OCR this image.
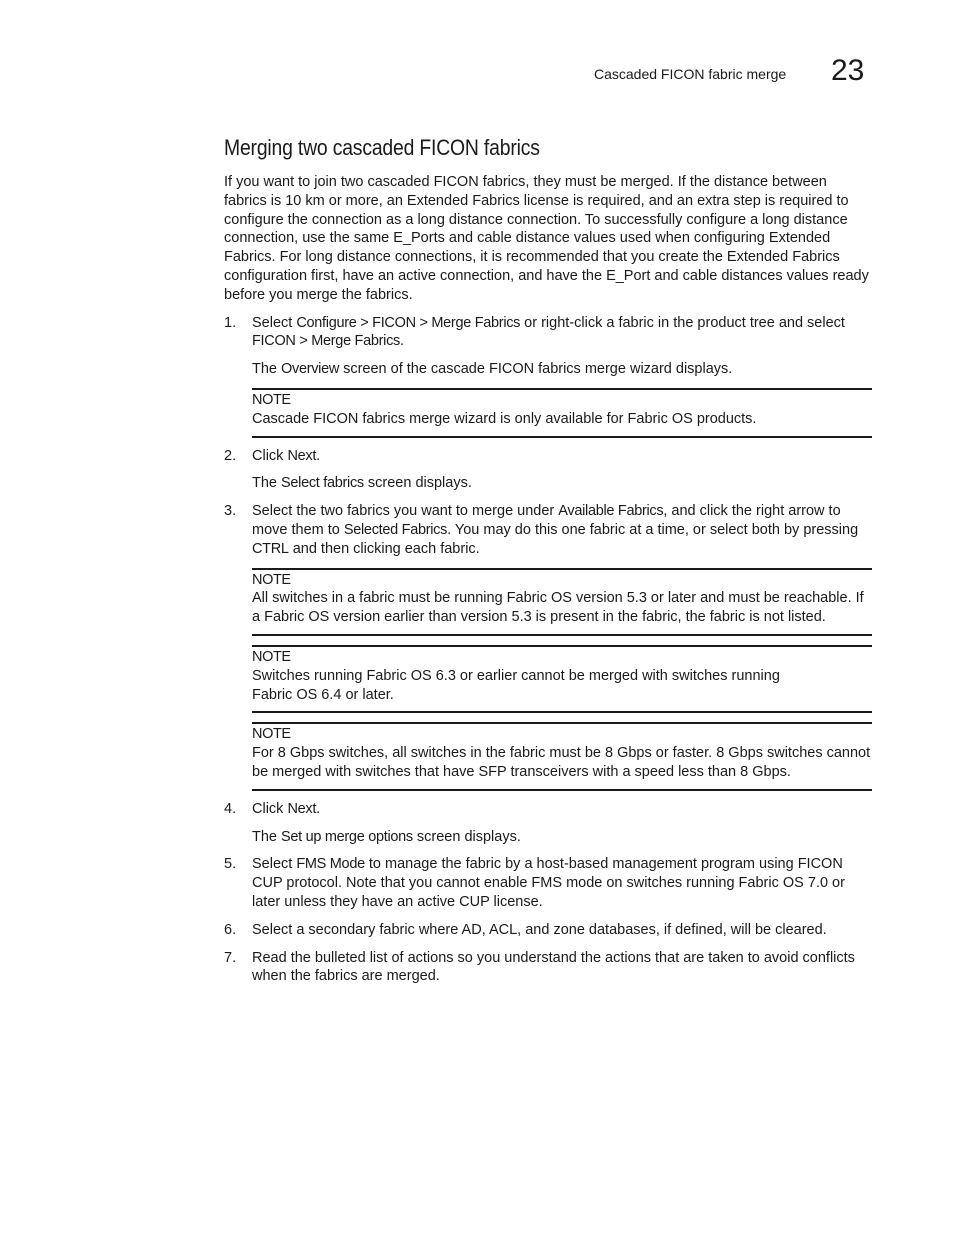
Cascaded FICON fabric merge 23
Merging two cascaded FICON fabrics

If you want to join two cascaded FICON fabrics, they must be merged. If the distance between fabrics is 10 km or more, an Extended Fabrics license is required, and an extra step is required to configure the connection as a long distance connection. To successfully configure a long distance connection, use the same E_Ports and cable distance values used when configuring Extended Fabrics. For long distance connections, it is recommended that you create the Extended Fabrics configuration first, have an active connection, and have the E_Port and cable distances values ready before you merge the fabrics.

1. Select Configure > FICON > Merge Fabrics or right-click a fabric in the product tree and select FICON > Merge Fabrics.

The Overview screen of the cascade FICON fabrics merge wizard displays.

NOTE
Cascade FICON fabrics merge wizard is only available for Fabric OS products.
2. Click Next.

The Select fabrics screen displays.

3. Select the two fabrics you want to merge under Available Fabrics, and click the right arrow to move them to Selected Fabrics. You may do this one fabric at a time, or select both by pressing CTRL and then clicking each fabric.
NOTE
All switches in a fabric must be running Fabric OS version 5.3 or later and must be reachable. If a Fabric OS version earlier than version 5.3 is present in the fabric, the fabric is not listed.
NOTE
Switches running Fabric OS 6.3 or earlier cannot be merged with switches running
Fabric OS 6.4 or later.
NOTE
For 8 Gbps switches, all switches in the fabric must be 8 Gbps or faster. 8 Gbps switches cannot be merged with switches that have SFP transceivers with a speed less than 8 Gbps.
4. Click Next.

The Set up merge options screen displays.

5. Select FMS Mode to manage the fabric by a host-based management program using FICON CUP protocol. Note that you cannot enable FMS mode on switches running Fabric OS 7.0 or later unless they have an active CUP license.
6. Select a secondary fabric where AD, ACL, and zone databases, if defined, will be cleared.
7. Read the bulleted list of actions so you understand the actions that are taken to avoid conflicts when the fabrics are merged.
